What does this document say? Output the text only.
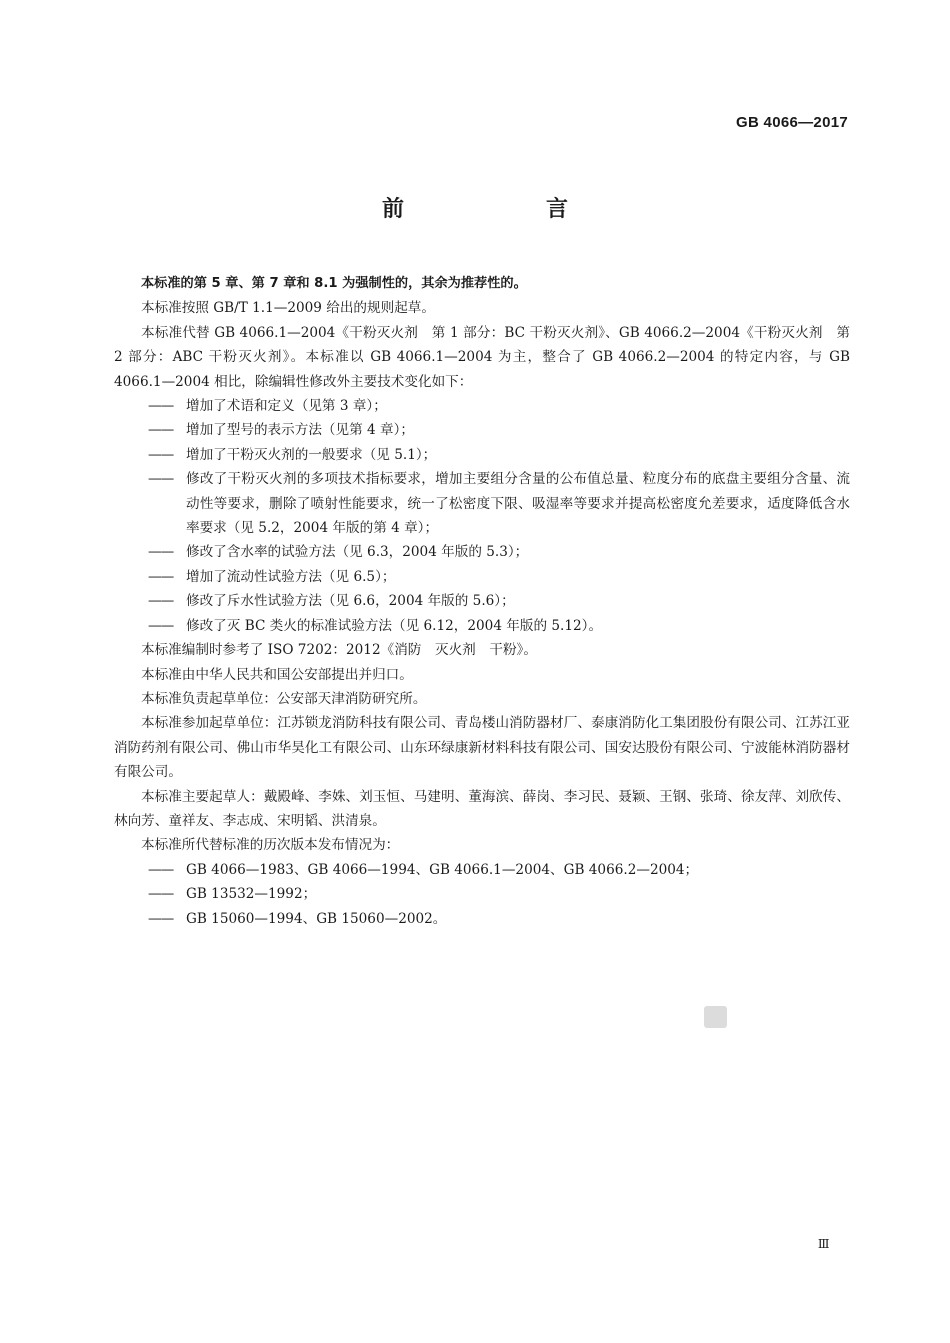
GB 4066—2017
前　言

本标准的第 5 章、第 7 章和 8.1 为强制性的，其余为推荐性的。

本标准按照 GB/T 1.1—2009 给出的规则起草。

本标准代替 GB 4066.1—2004《干粉灭火剂　第 1 部分：BC 干粉灭火剂》、GB 4066.2—2004《干粉灭火剂　第 2 部分：ABC 干粉灭火剂》。本标准以 GB 4066.1—2004 为主，整合了 GB 4066.2—2004 的特定内容，与 GB 4066.1—2004 相比，除编辑性修改外主要技术变化如下：

—— 增加了术语和定义（见第 3 章）；

—— 增加了型号的表示方法（见第 4 章）；

—— 增加了干粉灭火剂的一般要求（见 5.1）；

—— 修改了干粉灭火剂的多项技术指标要求，增加主要组分含量的公布值总量、粒度分布的底盘主要组分含量、流动性等要求，删除了喷射性能要求，统一了松密度下限、吸湿率等要求并提高松密度允差要求，适度降低含水率要求（见 5.2，2004 年版的第 4 章）；

—— 修改了含水率的试验方法（见 6.3，2004 年版的 5.3）；

—— 增加了流动性试验方法（见 6.5）；

—— 修改了斥水性试验方法（见 6.6，2004 年版的 5.6）；

—— 修改了灭 BC 类火的标准试验方法（见 6.12，2004 年版的 5.12）。

本标准编制时参考了 ISO 7202：2012《消防　灭火剂　干粉》。

本标准由中华人民共和国公安部提出并归口。

本标准负责起草单位：公安部天津消防研究所。

本标准参加起草单位：江苏锁龙消防科技有限公司、青岛楼山消防器材厂、泰康消防化工集团股份有限公司、江苏江亚消防药剂有限公司、佛山市华昊化工有限公司、山东环绿康新材料科技有限公司、国安达股份有限公司、宁波能林消防器材有限公司。

本标准主要起草人：戴殿峰、李姝、刘玉恒、马建明、董海滨、薛岗、李习民、聂颖、王钢、张琦、徐友萍、刘欣传、林向芳、童祥友、李志成、宋明韬、洪清泉。

本标准所代替标准的历次版本发布情况为：

—— GB 4066—1983、GB 4066—1994、GB 4066.1—2004、GB 4066.2—2004；

—— GB 13532—1992；

—— GB 15060—1994、GB 15060—2002。

Ⅲ
